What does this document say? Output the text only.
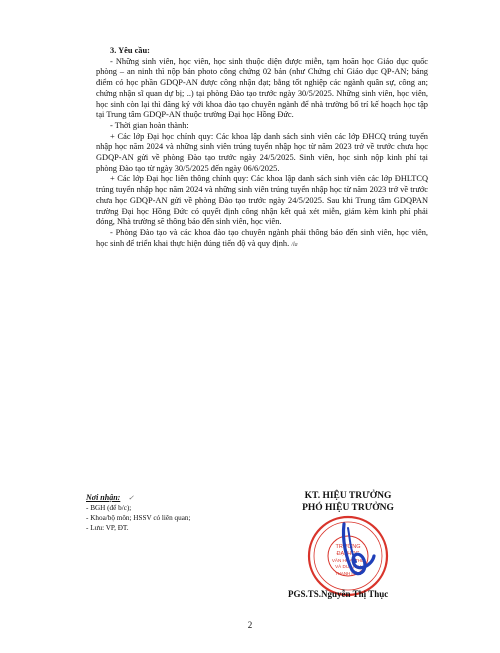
3. Yêu cầu:

- Những sinh viên, học viên, học sinh thuộc diện được miễn, tạm hoãn học Giáo dục quốc phòng – an ninh thì nộp bản photo công chứng 02 bản (như Chứng chỉ Giáo dục QP-AN; bảng điểm có học phần GDQP-AN được công nhận đạt; bằng tốt nghiệp các ngành quân sự, công an; chứng nhận sĩ quan dự bị; ..) tại phòng Đào tạo trước ngày 30/5/2025. Những sinh viên, học viên, học sinh còn lại thì đăng ký với khoa đào tạo chuyên ngành để nhà trường bố trí kế hoạch học tập tại Trung tâm GDQP-AN thuộc trường Đại học Hồng Đức.

- Thời gian hoàn thành:

+ Các lớp Đại học chính quy: Các khoa lập danh sách sinh viên các lớp ĐHCQ trúng tuyển nhập học năm 2024 và những sinh viên trúng tuyển nhập học từ năm 2023 trở về trước chưa học GDQP-AN gửi về phòng Đào tạo trước ngày 24/5/2025. Sinh viên, học sinh nộp kinh phí tại phòng Đào tạo từ ngày 30/5/2025 đến ngày 06/6/2025.

+ Các lớp Đại học liên thông chính quy: Các khoa lập danh sách sinh viên các lớp ĐHLTCQ trúng tuyển nhập học năm 2024 và những sinh viên trúng tuyển nhập học từ năm 2023 trở về trước chưa học GDQP-AN gửi về phòng Đào tạo trước ngày 24/5/2025. Sau khi Trung tâm GDQPAN trường Đại học Hồng Đức có quyết định công nhận kết quả xét miễn, giảm kèm kinh phí phải đóng, Nhà trường sẽ thông báo đến sinh viên, học viên.

- Phòng Đào tạo và các khoa đào tạo chuyên ngành phải thông báo đến sinh viên, học viên, học sinh để triển khai thực hiện đúng tiến độ và quy định. /la

Nơi nhận: ✓
- BGH (để b/c);
- Khoa/bộ môn; HSSV có liên quan;
- Lưu: VP, ĐT.
KT. HIỆU TRƯỞNG
PHÓ HIỆU TRƯỞNG
TRƯỜNG
ĐẠI HỌC
VĂN HÓA, THỂ
VÀ DU LỊCH
THANH HÓA
PGS.TS.Nguyễn Thị Thục
2
